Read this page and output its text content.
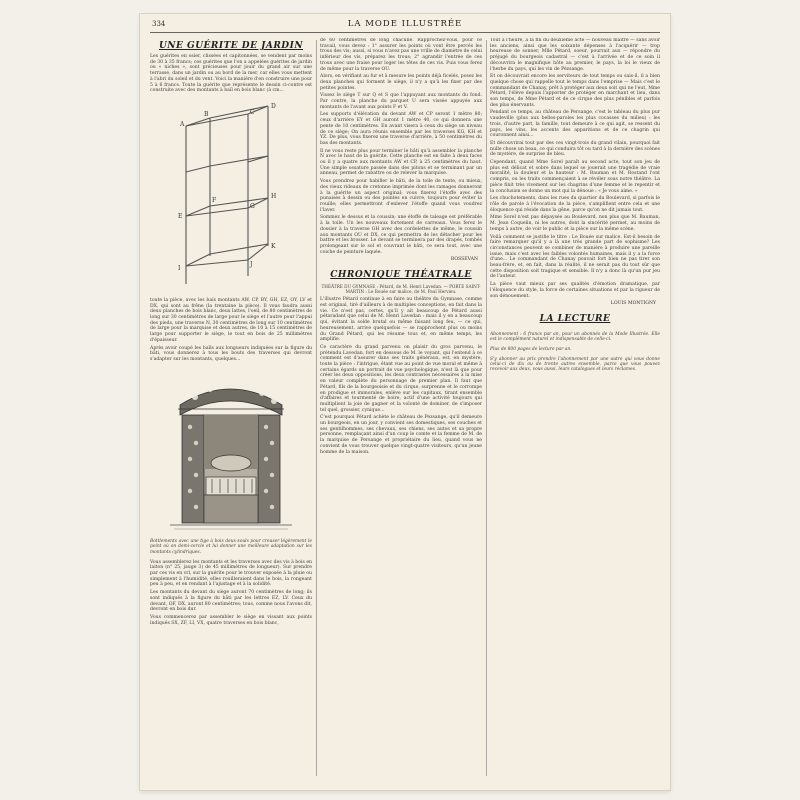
334	LA MODE ILLUSTRÉE
UNE GUÉRITE DE JARDIN

Les guérites en osier, clissées et capitonnées, se vendent par moins de 30 à 35 francs; ces guérites que l'on a appelées guérites de jardin ou « niches », sont précieuses pour jouir du grand air sur une terrasse, dans un jardin ou au bord de la mer, car elles vous mettent à l'abri du soleil et du vent. Voici la manière d'en construire une pour 5 à 6 francs. Toute la guérite que représente le dessin ci-contre est construite avec des montants à baïl en bois blanc (à cm...

A
B	C
D
E
F
G
H
I
J
K

toute la pièce, avec les baïs montants AW, CP, BY, GH, EZ, OY, LV et DX, qui sont au frêne (la trentaine la pièce). Il vous faudra aussi deux planches de bois blanc, deux lattes, l'oeil, de 80 centimètres de long sur 30 centimètres de large pour le siège et l'autre pour l'appui des pieds, une traverse N, 30 centimètres de long sur 10 centimètres de large pour la marquise et deux autres, de 10 à 15 centimètres de large pour supporter le siège, le tout en bois de 25 millimètres d'épaisseur.

Après avoir coupé les baïls aux longueurs indiquées sur la figure du bâti, vous donnerez à tous les bouts des traverses qui devront s'adapter sur les montants, quelques...

Bottlements avec une tige à bois deux-souls pour creuser légèrement le point où on demi-cercle et lui donner une meilleure adaptation sur les montants cylindriques.

Vous assemblerez les montants et les traverses avec des vis à bois en laiton (n° 25, jauge 3) de 45 millimètres de longueur). Sur prendre par ces vis en vrl, sur la guérite pour le trouver exposée à la pluie ou simplement à l'humidité, elles rouilleraient dans le bois, la rongeant peu à peu, et en rendant à l'ajustage et à la solidité.

Les montants du devant du siège auront 70 centimètres de long; ils sont indiqués à la figure du bâti par les lettres EZ, LV. Ceux du devant, OF, DX, auront 80 centimètres; tous, comme nous l'avons dit, devront en bois dur.

Vous commencerez par assembler le siège en vissant aux points indiqués SX, ZF, LI, VX, quatre traverses en bois blanc,

de 60 centimètres de long chacune. Rapprochez-vous, pour ce travail, vous devez : 1° assurer les points où vont être percés les trous des vis; aussi, si vous n'avez pas une vrille de diamètre de celui inférieur des vis, préparez les trous; 2° agrandir l'entrée de ces trous avec une fraise pour loger les têtes de ces vis. Puis vous ferez de même pour la traverse OU.

Alors, en vérifiant au fur et à mesure les points déjà ficelés, posez les deux planches qui forment le siège, il n'y a qu'à les fixer par des petites pointes.

Vissez le siège T sur Q et S que l'appuyant aux montants du fond. Par contre, la planche du parquet U sera vissée appuyée aux montants de l'avant aux points F et V.

Les supports d'élévation du devant AW et CP seront 1 mètre 80; ceux d'arrière EY et GH auront 1 mètre 40, ce qui donnera une pente de 10 centimètres. En avant visera à ceux du siège un niveau de ce siège; On aura réunis ensemble par les traverses KG, KH et YZ. De plus, vous fixerez une traverse d'arrière, à 50 centimètres du bas des montants.

Il ne vous reste plus pour terminer le bâti qu'à assembler la planche N avec le haut de la guérite. Cette planche est en faite à deux faces ou il y a quatre aux montants AW et CP, à 25 centimètres du haut. Une simple ossature passée dans des pitons et se terminant par un anneau, permet de rabattre ou de relever la marquise.

Vous prendrez pour habiller le bâti, de la toile de tente, ou mieux, des vieux rideaux de cretonne imprimée dont les ramages donneront à la guérite un aspect original; vous fixerez l'étoffe avec des punaises à dessin ou des pointes en cuivre, toujours pour éviter la rouille; elles permettront d'enlever l'étoffe quand vous voudrez l'laver.

Sommez le dessus et la coussin; une étoffe de taleage est préférable à la toile. Un les nouveaux fortement de carreaux. Vous ferez le dossier à la traverse GH avec des cordelettes de même, le coussin aux montants OU et DX, ce qui permettra de les détacher pour les battre et les brosser. Le devant se terminera par des drapés, tombés prolongeant sur le sol et couvrant le bâti, ce sera tout, avec une coiche de peinture laquée.

BOSSEVAN
CHRONIQUE THÉATRALE
THÉÂTRE DU GYMNASE : Pétard, de M. Henri Lavedan. — PORTE SAINT-MARTIN : Le Bouée sur malice, de M. Paul Hervieu.

L'illustre Pétard continue à en faire au théâtre du Gymnase, comme est original, tiré d'ailleurs à de multiples conceptions, en fait dans la vie. Ce n'est pas, certes, qu'il y ait beaucoup de Pétard aussi pétaradant que celui de M. Henri Lavedan : mais il y en a beaucoup qui, évitant la solde brutal ou même faisant long feu, — ce qui, heureusement, arrive quelquefois — se rapprochent plus ou moins du Grand Pétard, qui les résume tous et, en même temps, les amplifie.

Ce caractère du grand parvenu on plaisir du gros parvenu, le prétendu Lavedan, fort en dessous de M. le voyant, qui l'entend à ce comment est d'assurer dans ses traits généraux, est, en mystère, toute la pièce : l'intrigue, étant vue au point de vue moral et même à certains égards un portrait de vue psychologique, n'est là que pour créer les deux oppositions, les deux contrastes nécessaires à la mise en valeur complète du personnage de premier plan. Il faut que Pétard, fils de la bourgeoisie et du cirque, surprenne et le corrompe en prodigue et immorales, enlève sur les capitaux, tirant ensemble d'affaires et tourmenté de boire, actif d'une activité toujours qui multiplient la joie de gagner et la volonté de dominer, de s'imposer tel quel, grossier, cynique...

C'est pourquoi Pétard achète le château de Pezsange, qu'il demeure un bourgeois, en un jour, y convient ses domestiques, ses couches et ses gentilhommes, ses chevaux, ses chiens, ses autos et sa propre personne, remplaçant ainsi d'un coup le comte et la femme de M. de la marquise de Persange et propriétaire du lieu, quand vous ne convient de vous trouver quelque vingt-quatre visiteurs, qu'un jeune homme de la maison.

Tout à l'heure, à la fin du deuxième acte — nouveau maître — sans avoir les anciens, ainsi que les soixante dépenses à l'acquérir — trop heureuse de sonner, Mlle Pétard, soeur, pourrait aux — répondre du préjugé du bourgeois cadastral — c'est à l'arrivée et de ce soin il découvrira le magnifique hôte au premier, le pays, la loi le vieux de l'herbe du pays, qui les vin de Pézsange.

Et on découvrait encore les serviteurs de tout temps ou sais-il, il a bien quelque chose qui rappelle tout le temps dans l'emprise — Mais c'est le commandant de Chanay, prêt à protéger aux deux soit qui ne l'eut, Mme Pétard, l'élève depuis l'apporter de protéger en marchant et lieu, dans son temps, de Mme Pétard et de ce cirque des plus pénibles et parfois des plus énervants.

Pendant ce temps, au château de Persange, c'est le tableau du plus pur vaudeville (plus aux belles-paroles les plus cocasses du milieu) : les trois, d'autre part, la famille, tout demeure à ce qui agit, se ressent du pays, les vins, les accents des apparitions et de ce chagrin qui couronnent ainsi...

Et découvrirai tout par des ces vingt-trois du grand vilain, pourquoi fait nulle chose un beau, ce qui conduira tôt ou tard à la dernière des scènes de mystère, de surprise de bleu.

Cependant, quand Mme Sorel paraît au second acte, tout son jeu de plus est délicat et sobre dans lequel se jouerait une tragédie de vraie moralité, la douleur et la hauteur : M. Bauman et M. Rostand l'ont compris, ou les traits commençaient à se révéler sous notre théâtre. La pièce finit très vivement sur les chagrins d'une femme et le repentir et la conclusion se donne un mot qui la dénoue : « Je vous aime. »

Les chuchotements, dans les rues du quartier du Boulevard, si parfois le rôle de parole à l'évocation de la pièce, s'amplifient entre cela et une éloquence qui réside dans la gêne, parce qu'on ne dit jamais tout.

Mme Sorel n'est pas dépaysée au Boulevard, non plus que M. Bauman, M. Jean Coquelin, ni les autres, dont la sincérité permet, au moins de temps à autre, de voir le public et la pièce sur la même scène.

Voilà comment se justifie le titre : Le Bouée sur malice. Est-il besoin de faire remarquer qu'il y a là une très grande part de sophisme? Les circonstances peuvent se combiner de manière à produire une pareille issue, mais c'est avec les faibles volontés humaines, mais il y a la force d'une... Le commandant de Chanay pouvait fort bien ne pas tirer son beau-frère, et, en fait, dans la réalité, il ne serait pas du tout sûr que cette disposition soit tragique et sensible. Il n'y a donc là qu'un pur jeu de l'auteur.

La pièce vaut mieux par ses qualités d'émotion dramatique, par l'éloquence du style, la force de certaines situations et par la rigueur de son dénouement.

LOUIS MONTIGNY
LA LECTURE

Abonnement : 6 francs par an, pour un abonnés de la Mode Illustrée. Elle est le complément naturel et indispensable de celle-ci.

Plus de 800 pages de lecture par an.

S'y abonner au prix prendre l'abonnement par une autre qui vous donne celui-ci de dix ou de trente autres ensemble, parce que vous pouvez recevoir aux deux, vous aussi, leurs catalogues et leurs réclames.
